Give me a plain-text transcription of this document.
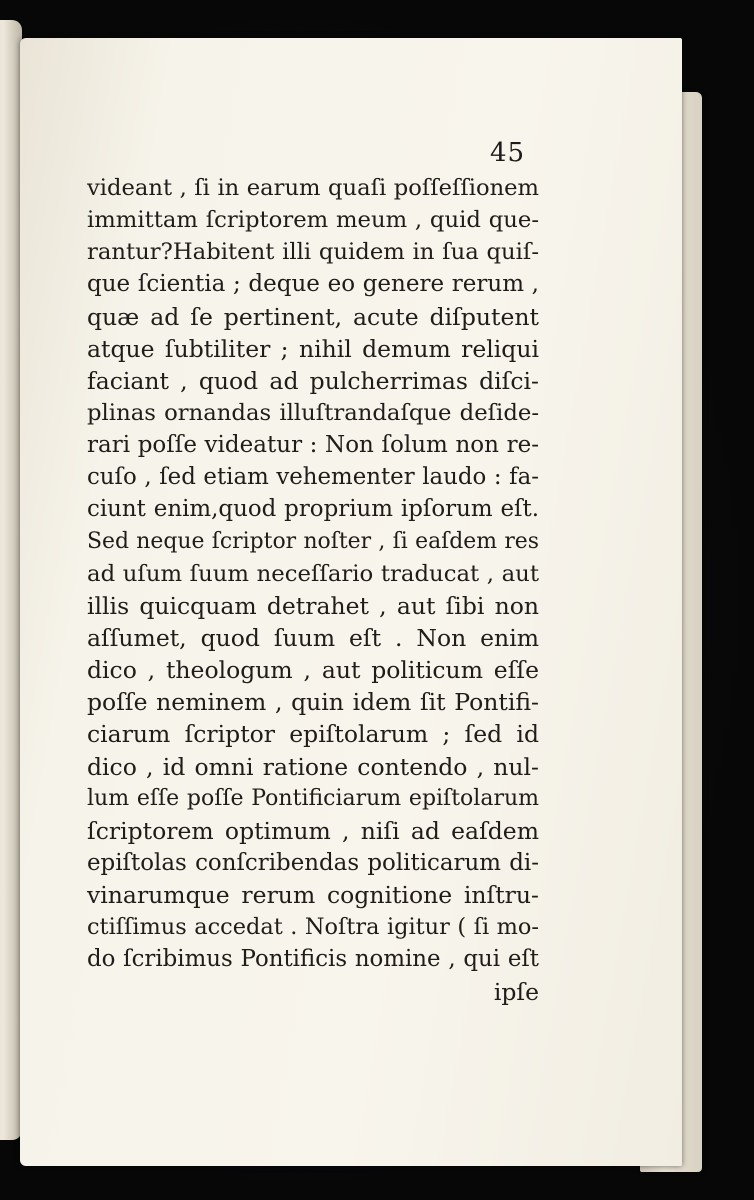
45
videant , ſi in earum quaſi poſſeſſionem
immittam ſcriptorem meum , quid que-
rantur?Habitent illi quidem in ſua quiſ-
que ſcientia ; deque eo genere rerum ,
quæ ad ſe pertinent, acute diſputent
atque ſubtiliter ; nihil demum reliqui
faciant , quod ad pulcherrimas diſci-
plinas ornandas illuſtrandaſque deſide-
rari poſſe videatur : Non ſolum non re-
cuſo , ſed etiam vehementer laudo : fa-
ciunt enim,quod proprium ipſorum eſt.
Sed neque ſcriptor noſter , ſi eaſdem res
ad uſum ſuum neceſſario traducat , aut
illis quicquam detrahet , aut ſibi non
aſſumet, quod ſuum eſt . Non enim
dico , theologum , aut politicum eſſe
poſſe neminem , quin idem ſit Pontifi-
ciarum ſcriptor epiſtolarum ; ſed id
dico , id omni ratione contendo , nul-
lum eſſe poſſe Pontificiarum epiſtolarum
ſcriptorem optimum , niſi ad eaſdem
epiſtolas conſcribendas politicarum di-
vinarumque rerum cognitione inſtru-
ctiſſimus accedat . Noſtra igitur ( ſi mo-
do ſcribimus Pontificis nomine , qui eſt
ipſe
